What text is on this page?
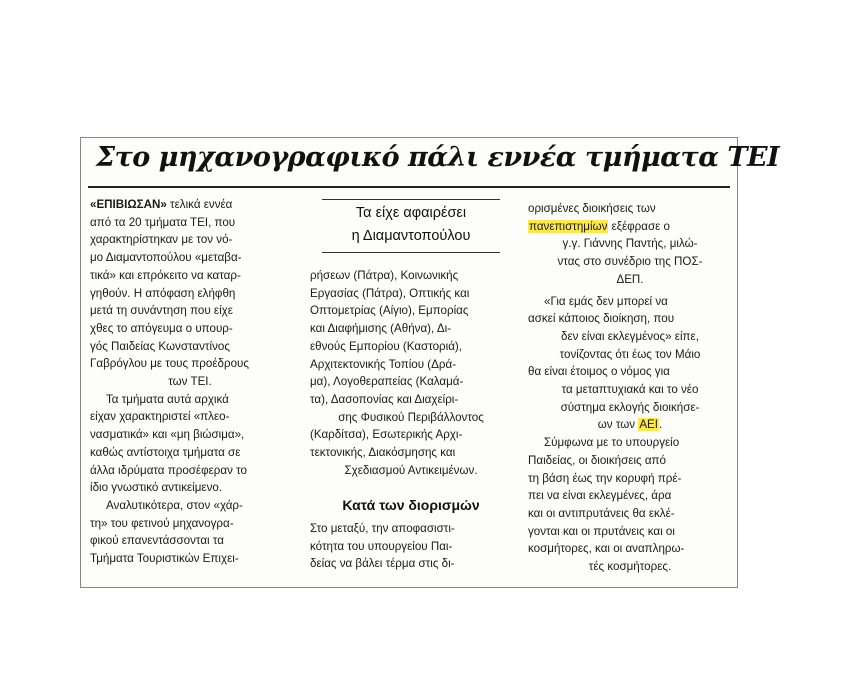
Στο μηχανογραφικό πάλι εννέα τμήματα ΤΕΙ

«ΕΠΙΒΙΩΣΑΝ» τελικά εννέα
από τα 20 τμήματα ΤΕΙ, που
χαρακτηρίστηκαν με τον νό-
μο Διαμαντοπούλου «μεταβα-
τικά» και επρόκειτο να καταρ-
γηθούν. Η απόφαση ελήφθη
μετά τη συνάντηση που είχε
χθες το απόγευμα ο υπουρ-
γός Παιδείας Κωνσταντίνος
Γαβρόγλου με τους προέδρους
των ΤΕΙ.

Τα τμήματα αυτά αρχικά
είχαν χαρακτηριστεί «πλεο-
νασματικά» και «μη βιώσιμα»,
καθώς αντίστοιχα τμήματα σε
άλλα ιδρύματα προσέφεραν το
ίδιο γνωστικό αντικείμενο.

Αναλυτικότερα, στον «χάρ-
τη» του φετινού μηχανογρα-
φικού επανεντάσσονται τα
Τμήματα Τουριστικών Επιχει-

Τα είχε αφαιρέσει
η Διαμαντοπούλου

ρήσεων (Πάτρα), Κοινωνικής
Εργασίας (Πάτρα), Οπτικής και
Οπτομετρίας (Αίγιο), Εμπορίας
και Διαφήμισης (Αθήνα), Δι-
εθνούς Εμπορίου (Καστοριά),
Αρχιτεκτονικής Τοπίου (Δρά-
μα), Λογοθεραπείας (Καλαμά-
τα), Δασοπονίας και Διαχείρι-
σης Φυσικού Περιβάλλοντος
(Καρδίτσα), Εσωτερικής Αρχι-
τεκτονικής, Διακόσμησης και
Σχεδιασμού Αντικειμένων.

Κατά των διορισμών

Στο μεταξύ, την αποφασιστι-
κότητα του υπουργείου Παι-
δείας να βάλει τέρμα στις δι-

ορισμένες διοικήσεις των
πανεπιστημίων εξέφρασε ο
γ.γ. Γιάννης Παντής, μιλώ-
ντας στο συνέδριο της ΠΟΣ-
ΔΕΠ.

«Για εμάς δεν μπορεί να
ασκεί κάποιος διοίκηση, που
δεν είναι εκλεγμένος» είπε,
τονίζοντας ότι έως τον Μάιο
θα είναι έτοιμος ο νόμος για
τα μεταπτυχιακά και το νέο
σύστημα εκλογής διοικήσε-
ων των ΑΕΙ.

Σύμφωνα με το υπουργείο
Παιδείας, οι διοικήσεις από
τη βάση έως την κορυφή πρέ-
πει να είναι εκλεγμένες, άρα
και οι αντιπρυτάνεις θα εκλέ-
γονται και οι πρυτάνεις και οι
κοσμήτορες, και οι αναπληρω-
τές κοσμήτορες.
